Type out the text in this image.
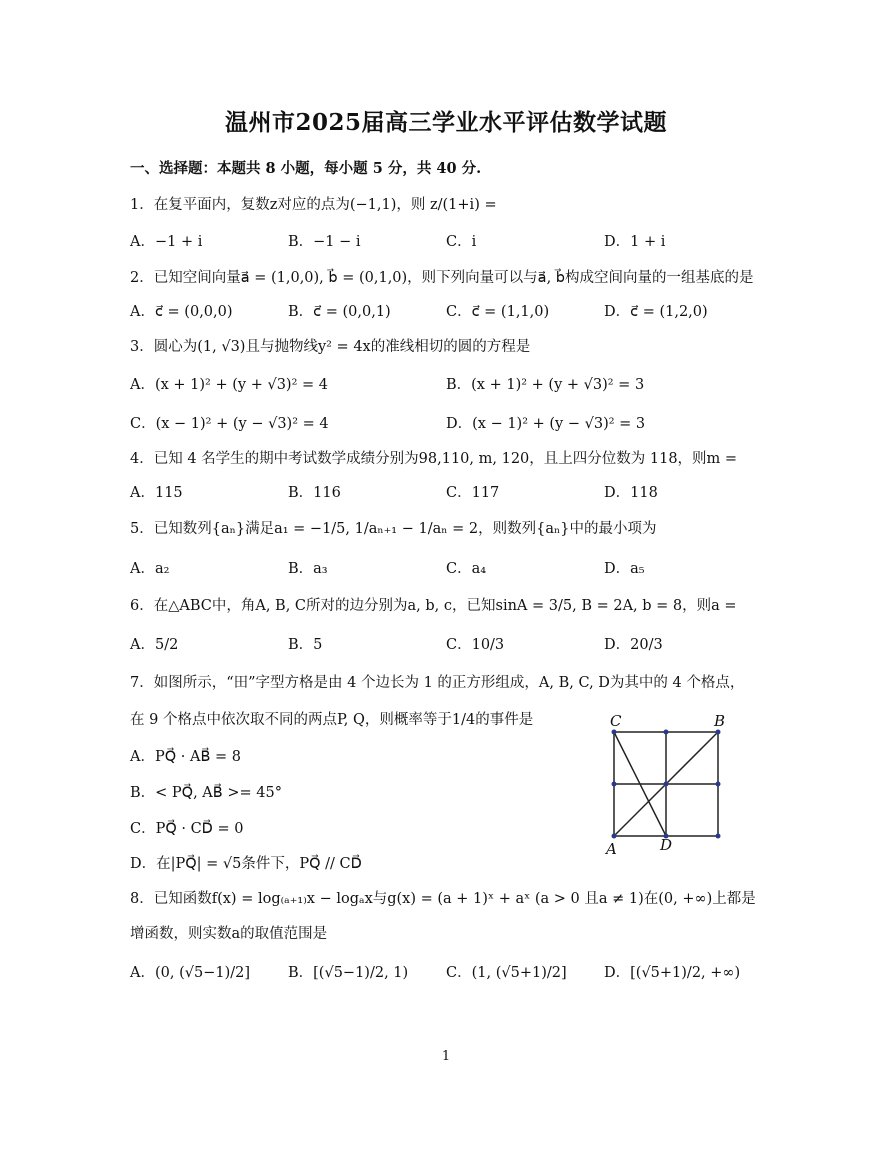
温州市2025届高三学业水平评估数学试题
一、选择题：本题共 8 小题，每小题 5 分，共 40 分.
1．在复平面内，复数z对应的点为(−1,1)，则 z/(1+i) =
A．−1 + i	B．−1 − i	C．i	D．1 + i
2．已知空间向量a⃗ = (1,0,0), b⃗ = (0,1,0)，则下列向量可以与a⃗, b⃗构成空间向量的一组基底的是
A．c⃗ = (0,0,0)	B．c⃗ = (0,0,1)	C．c⃗ = (1,1,0)	D．c⃗ = (1,2,0)
3．圆心为(1, √3)且与抛物线y² = 4x的准线相切的圆的方程是
A．(x + 1)² + (y + √3)² = 4	B．(x + 1)² + (y + √3)² = 3
C．(x − 1)² + (y − √3)² = 4	D．(x − 1)² + (y − √3)² = 3
4．已知 4 名学生的期中考试数学成绩分别为98,110, m, 120，且上四分位数为 118，则m =
A．115	B．116	C．117	D．118
5．已知数列{aₙ}满足a₁ = −1/5, 1/aₙ₊₁ − 1/aₙ = 2，则数列{aₙ}中的最小项为
A．a₂	B．a₃	C．a₄	D．a₅
6．在△ABC中，角A, B, C所对的边分别为a, b, c，已知sinA = 3/5, B = 2A, b = 8，则a =
A．5/2	B．5	C．10/3	D．20/3
7．如图所示，“田”字型方格是由 4 个边长为 1 的正方形组成，A, B, C, D为其中的 4 个格点，
在 9 个格点中依次取不同的两点P, Q，则概率等于1/4的事件是
A．PQ⃗ · AB⃗ = 8
B．< PQ⃗, AB⃗ >= 45°
C．PQ⃗ · CD⃗ = 0
D．在|PQ⃗| = √5条件下，PQ⃗ // CD⃗
C	B
A	D
8．已知函数f(x) = log₍ₐ₊₁₎x − logₐx与g(x) = (a + 1)ˣ + aˣ (a > 0 且a ≠ 1)在(0, +∞)上都是
增函数，则实数a的取值范围是
A．(0, (√5−1)/2]	B．[(√5−1)/2, 1)	C．(1, (√5+1)/2]	D．[(√5+1)/2, +∞)
1
